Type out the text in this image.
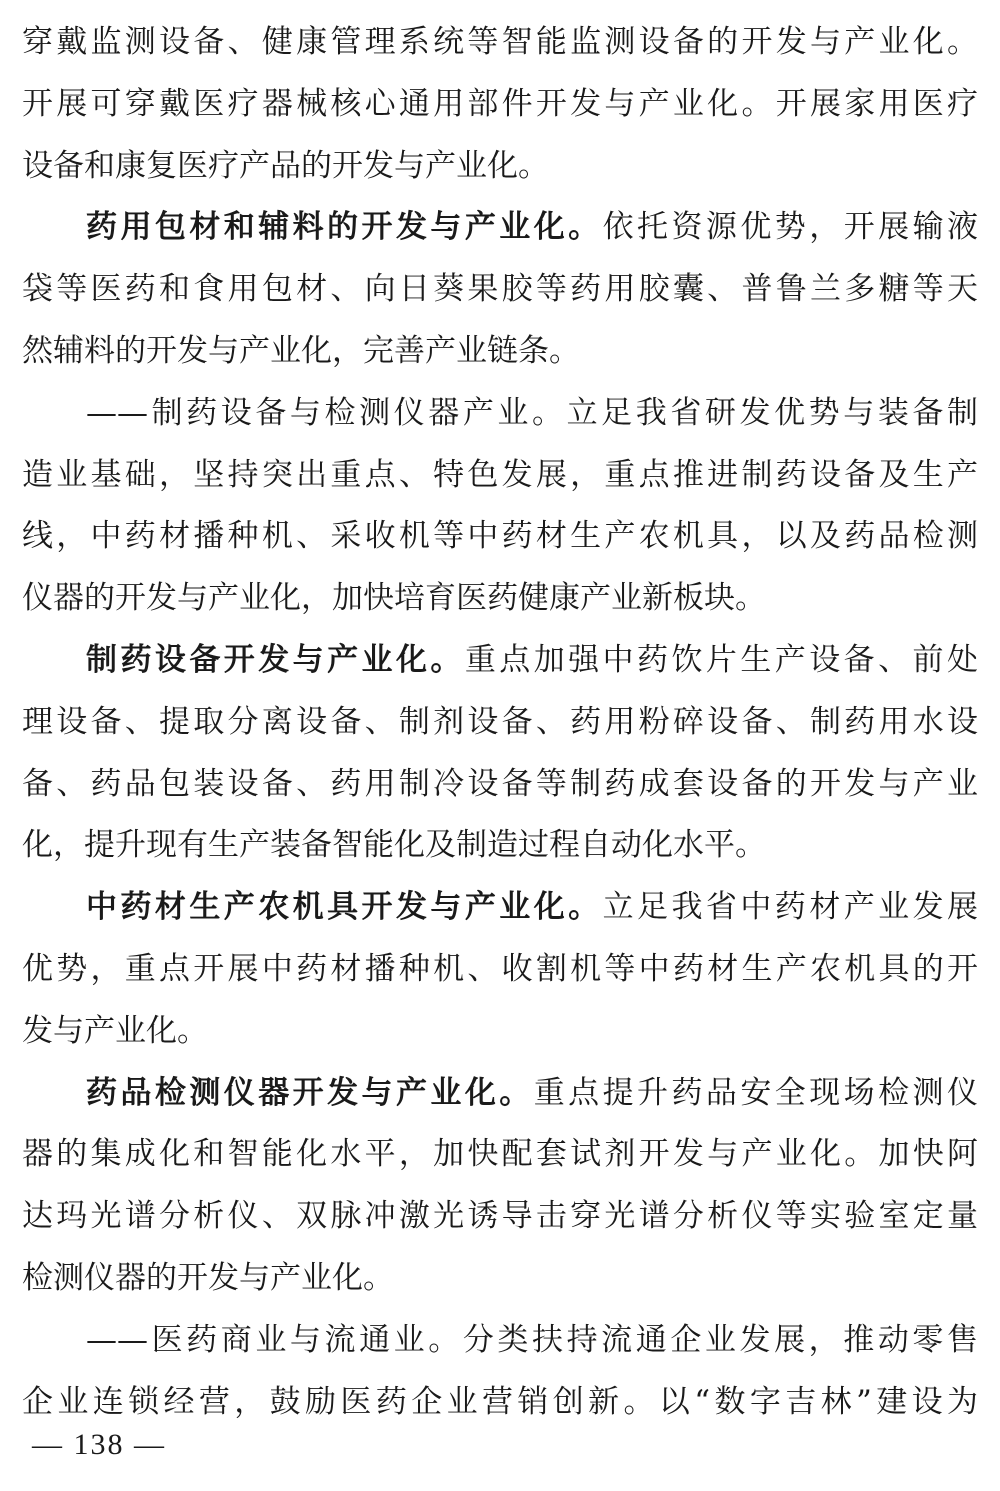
穿戴监测设备、健康管理系统等智能监测设备的开发与产业化。
开展可穿戴医疗器械核心通用部件开发与产业化。开展家用医疗
设备和康复医疗产品的开发与产业化。
药用包材和辅料的开发与产业化。依托资源优势，开展输液
袋等医药和食用包材、向日葵果胶等药用胶囊、普鲁兰多糖等天
然辅料的开发与产业化，完善产业链条。
——制药设备与检测仪器产业。立足我省研发优势与装备制
造业基础，坚持突出重点、特色发展，重点推进制药设备及生产
线，中药材播种机、采收机等中药材生产农机具，以及药品检测
仪器的开发与产业化，加快培育医药健康产业新板块。
制药设备开发与产业化。重点加强中药饮片生产设备、前处
理设备、提取分离设备、制剂设备、药用粉碎设备、制药用水设
备、药品包装设备、药用制冷设备等制药成套设备的开发与产业
化，提升现有生产装备智能化及制造过程自动化水平。
中药材生产农机具开发与产业化。立足我省中药材产业发展
优势，重点开展中药材播种机、收割机等中药材生产农机具的开
发与产业化。
药品检测仪器开发与产业化。重点提升药品安全现场检测仪
器的集成化和智能化水平，加快配套试剂开发与产业化。加快阿
达玛光谱分析仪、双脉冲激光诱导击穿光谱分析仪等实验室定量
检测仪器的开发与产业化。
——医药商业与流通业。分类扶持流通企业发展，推动零售
企业连锁经营，鼓励医药企业营销创新。以“数字吉林”建设为
— 138 —
